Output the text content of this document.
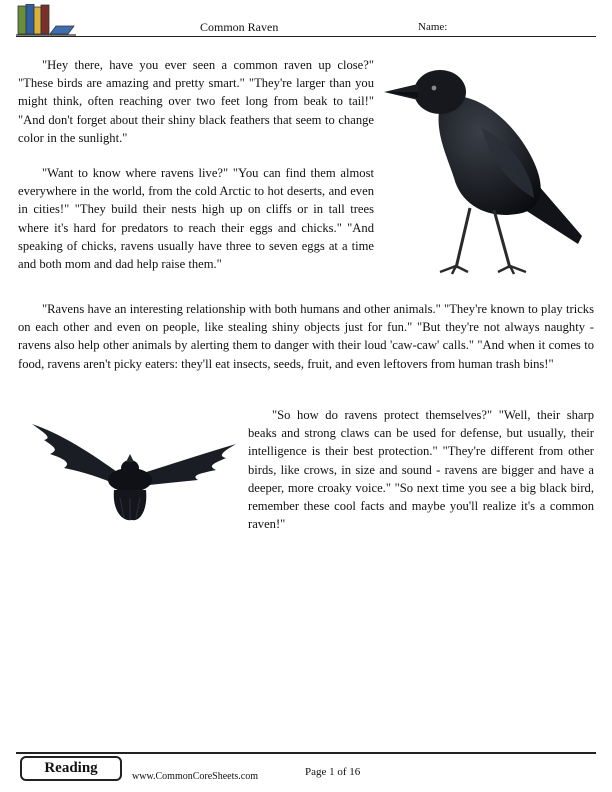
Common Raven	Name:

"Hey there, have you ever seen a common raven up close?" "These birds are amazing and pretty smart." "They're larger than you might think, often reaching over two feet long from beak to tail!" "And don't forget about their shiny black feathers that seem to change color in the sunlight."

"Want to know where ravens live?" "You can find them almost everywhere in the world, from the cold Arctic to hot deserts, and even in cities!" "They build their nests high up on cliffs or in tall trees where it's hard for predators to reach their eggs and chicks." "And speaking of chicks, ravens usually have three to seven eggs at a time and both mom and dad help raise them."

"Ravens have an interesting relationship with both humans and other animals." "They're known to play tricks on each other and even on people, like stealing shiny objects just for fun." "But they're not always naughty - ravens also help other animals by alerting them to danger with their loud 'caw-caw' calls." "And when it comes to food, ravens aren't picky eaters: they'll eat insects, seeds, fruit, and even leftovers from human trash bins!"

"So how do ravens protect themselves?" "Well, their sharp beaks and strong claws can be used for defense, but usually, their intelligence is their best protection." "They're different from other birds, like crows, in size and sound - ravens are bigger and have a deeper, more croaky voice." "So next time you see a big black bird, remember these cool facts and maybe you'll realize it's a common raven!"

Reading
www.CommonCoreSheets.com	Page 1 of 16
